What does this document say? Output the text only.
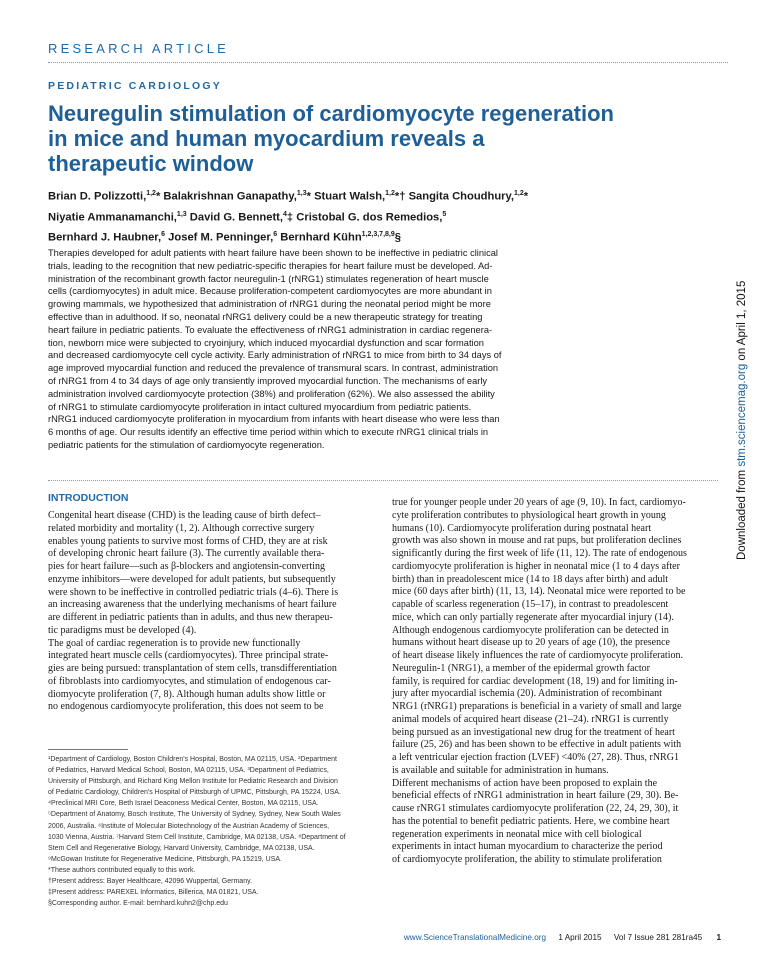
RESEARCH ARTICLE
PEDIATRIC CARDIOLOGY
Neuregulin stimulation of cardiomyocyte regeneration
in mice and human myocardium reveals a
therapeutic window
Brian D. Polizzotti,$^{1,2}$* Balakrishnan Ganapathy,$^{1,3}$* Stuart Walsh,$^{1,2}$*† Sangita Choudhury,$^{1,2}$*
Niyatie Ammanamanchi,$^{1,3}$ David G. Bennett,$^4$‡ Cristobal G. dos Remedios,$^5$
Bernhard J. Haubner,$^6$ Josef M. Penninger,$^6$ Bernhard Kühn$^{1,2,3,7,8,9}$§
Therapies developed for adult patients with heart failure have been shown to be ineffective in pediatric clinical
trials, leading to the recognition that new pediatric-specific therapies for heart failure must be developed. Ad-
ministration of the recombinant growth factor neuregulin-1 (rNRG1) stimulates regeneration of heart muscle
cells (cardiomyocytes) in adult mice. Because proliferation-competent cardiomyocytes are more abundant in
growing mammals, we hypothesized that administration of rNRG1 during the neonatal period might be more
effective than in adulthood. If so, neonatal rNRG1 delivery could be a new therapeutic strategy for treating
heart failure in pediatric patients. To evaluate the effectiveness of rNRG1 administration in cardiac regenera-
tion, newborn mice were subjected to cryoinjury, which induced myocardial dysfunction and scar formation
and decreased cardiomyocyte cell cycle activity. Early administration of rNRG1 to mice from birth to 34 days of
age improved myocardial function and reduced the prevalence of transmural scars. In contrast, administration
of rNRG1 from 4 to 34 days of age only transiently improved myocardial function. The mechanisms of early
administration involved cardiomyocyte protection (38%) and proliferation (62%). We also assessed the ability
of rNRG1 to stimulate cardiomyocyte proliferation in intact cultured myocardium from pediatric patients.
rNRG1 induced cardiomyocyte proliferation in myocardium from infants with heart disease who were less than
6 months of age. Our results identify an effective time period within which to execute rNRG1 clinical trials in
pediatric patients for the stimulation of cardiomyocyte regeneration.
INTRODUCTION
Congenital heart disease (CHD) is the leading cause of birth defect–
related morbidity and mortality (1, 2). Although corrective surgery
enables young patients to survive most forms of CHD, they are at risk
of developing chronic heart failure (3). The currently available thera-
pies for heart failure—such as β-blockers and angiotensin-converting
enzyme inhibitors—were developed for adult patients, but subsequently
were shown to be ineffective in controlled pediatric trials (4–6). There is
an increasing awareness that the underlying mechanisms of heart failure
are different in pediatric patients than in adults, and thus new therapeu-
tic paradigms must be developed (4).
The goal of cardiac regeneration is to provide new functionally
integrated heart muscle cells (cardiomyocytes). Three principal strate-
gies are being pursued: transplantation of stem cells, transdifferentiation
of fibroblasts into cardiomyocytes, and stimulation of endogenous car-
diomyocyte proliferation (7, 8). Although human adults show little or
no endogenous cardiomyocyte proliferation, this does not seem to be
true for younger people under 20 years of age (9, 10). In fact, cardiomyo-
cyte proliferation contributes to physiological heart growth in young
humans (10). Cardiomyocyte proliferation during postnatal heart
growth was also shown in mouse and rat pups, but proliferation declines
significantly during the first week of life (11, 12). The rate of endogenous
cardiomyocyte proliferation is higher in neonatal mice (1 to 4 days after
birth) than in preadolescent mice (14 to 18 days after birth) and adult
mice (60 days after birth) (11, 13, 14). Neonatal mice were reported to be
capable of scarless regeneration (15–17), in contrast to preadolescent
mice, which can only partially regenerate after myocardial injury (14).
Although endogenous cardiomyocyte proliferation can be detected in
humans without heart disease up to 20 years of age (10), the presence
of heart disease likely influences the rate of cardiomyocyte proliferation.
Neuregulin-1 (NRG1), a member of the epidermal growth factor
family, is required for cardiac development (18, 19) and for limiting in-
jury after myocardial ischemia (20). Administration of recombinant
NRG1 (rNRG1) preparations is beneficial in a variety of small and large
animal models of acquired heart disease (21–24). rNRG1 is currently
being pursued as an investigational new drug for the treatment of heart
failure (25, 26) and has been shown to be effective in adult patients with
a left ventricular ejection fraction (LVEF) <40% (27, 28). Thus, rNRG1
is available and suitable for administration in humans.
Different mechanisms of action have been proposed to explain the
beneficial effects of rNRG1 administration in heart failure (29, 30). Be-
cause rNRG1 stimulates cardiomyocyte proliferation (22, 24, 29, 30), it
has the potential to benefit pediatric patients. Here, we combine heart
regeneration experiments in neonatal mice with cell biological
experiments in intact human myocardium to characterize the period
of cardiomyocyte proliferation, the ability to stimulate proliferation
¹Department of Cardiology, Boston Children's Hospital, Boston, MA 02115, USA. ²Department
of Pediatrics, Harvard Medical School, Boston, MA 02115, USA. ³Department of Pediatrics,
University of Pittsburgh, and Richard King Mellon Institute for Pediatric Research and Division
of Pediatric Cardiology, Children's Hospital of Pittsburgh of UPMC, Pittsburgh, PA 15224, USA.
⁴Preclinical MRI Core, Beth Israel Deaconess Medical Center, Boston, MA 02115, USA.
⁵Department of Anatomy, Bosch Institute, The University of Sydney, Sydney, New South Wales
2006, Australia. ⁶Institute of Molecular Biotechnology of the Austrian Academy of Sciences,
1030 Vienna, Austria. ⁷Harvard Stem Cell Institute, Cambridge, MA 02138, USA. ⁸Department of
Stem Cell and Regenerative Biology, Harvard University, Cambridge, MA 02138, USA.
⁹McGowan Institute for Regenerative Medicine, Pittsburgh, PA 15219, USA.
*These authors contributed equally to this work.
†Present address: Bayer Healthcare, 42096 Wuppertal, Germany.
‡Present address: PAREXEL Informatics, Billerica, MA 01821, USA.
§Corresponding author. E-mail: bernhard.kuhn2@chp.edu
Downloaded from stm.sciencemag.org on April 1, 2015
www.ScienceTranslationalMedicine.org 1 April 2015 Vol 7 Issue 281 281ra45 1
